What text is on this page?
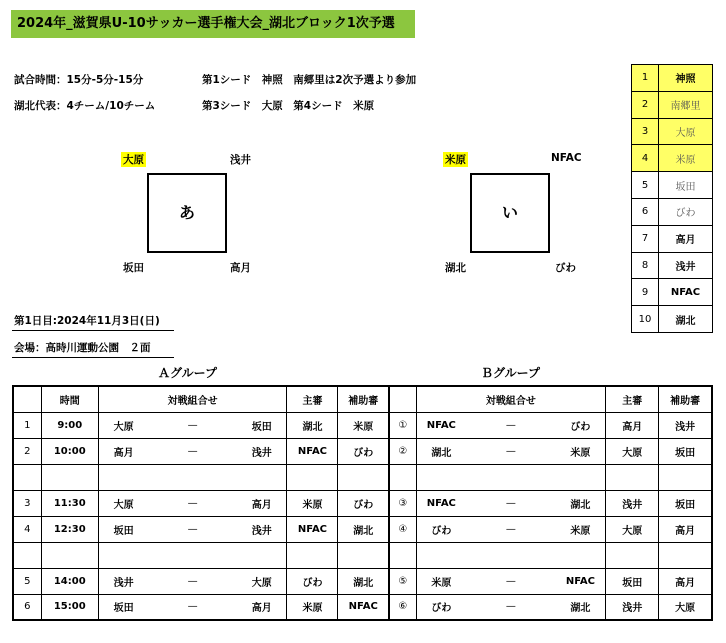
2024年_滋賀県U-10サッカー選手権大会_湖北ブロック1次予選
試合時間：15分-5分-15分
湖北代表：4チーム/10チーム
第1シード　神照　南郷里は2次予選より参加
第3シード　大原　第4シード　米原
大原	浅井
あ
坂田	高月
米原	NFAC
い
湖北	びわ
1	神照
2	南郷里
3	大原
4	米原
5	坂田
6	びわ
7	高月
8	浅井
9	NFAC
10	湖北
第1日目:2024年11月3日(日)
会場：高時川運動公園　２面
Ａグループ	Ｂグループ
	時間	対戦組合せ			主審	補助審		対戦組合せ			主審	補助審
1	9:00	大原	—	坂田	湖北	米原	①	NFAC	—	びわ	高月	浅井
2	10:00	高月	—	浅井	NFAC	びわ	②	湖北	—	米原	大原	坂田

3	11:30	大原	—	高月	米原	びわ	③	NFAC	—	湖北	浅井	坂田
4	12:30	坂田	—	浅井	NFAC	湖北	④	びわ	—	米原	大原	高月

5	14:00	浅井	—	大原	びわ	湖北	⑤	米原	—	NFAC	坂田	高月
6	15:00	坂田	—	高月	米原	NFAC	⑥	びわ	—	湖北	浅井	大原
